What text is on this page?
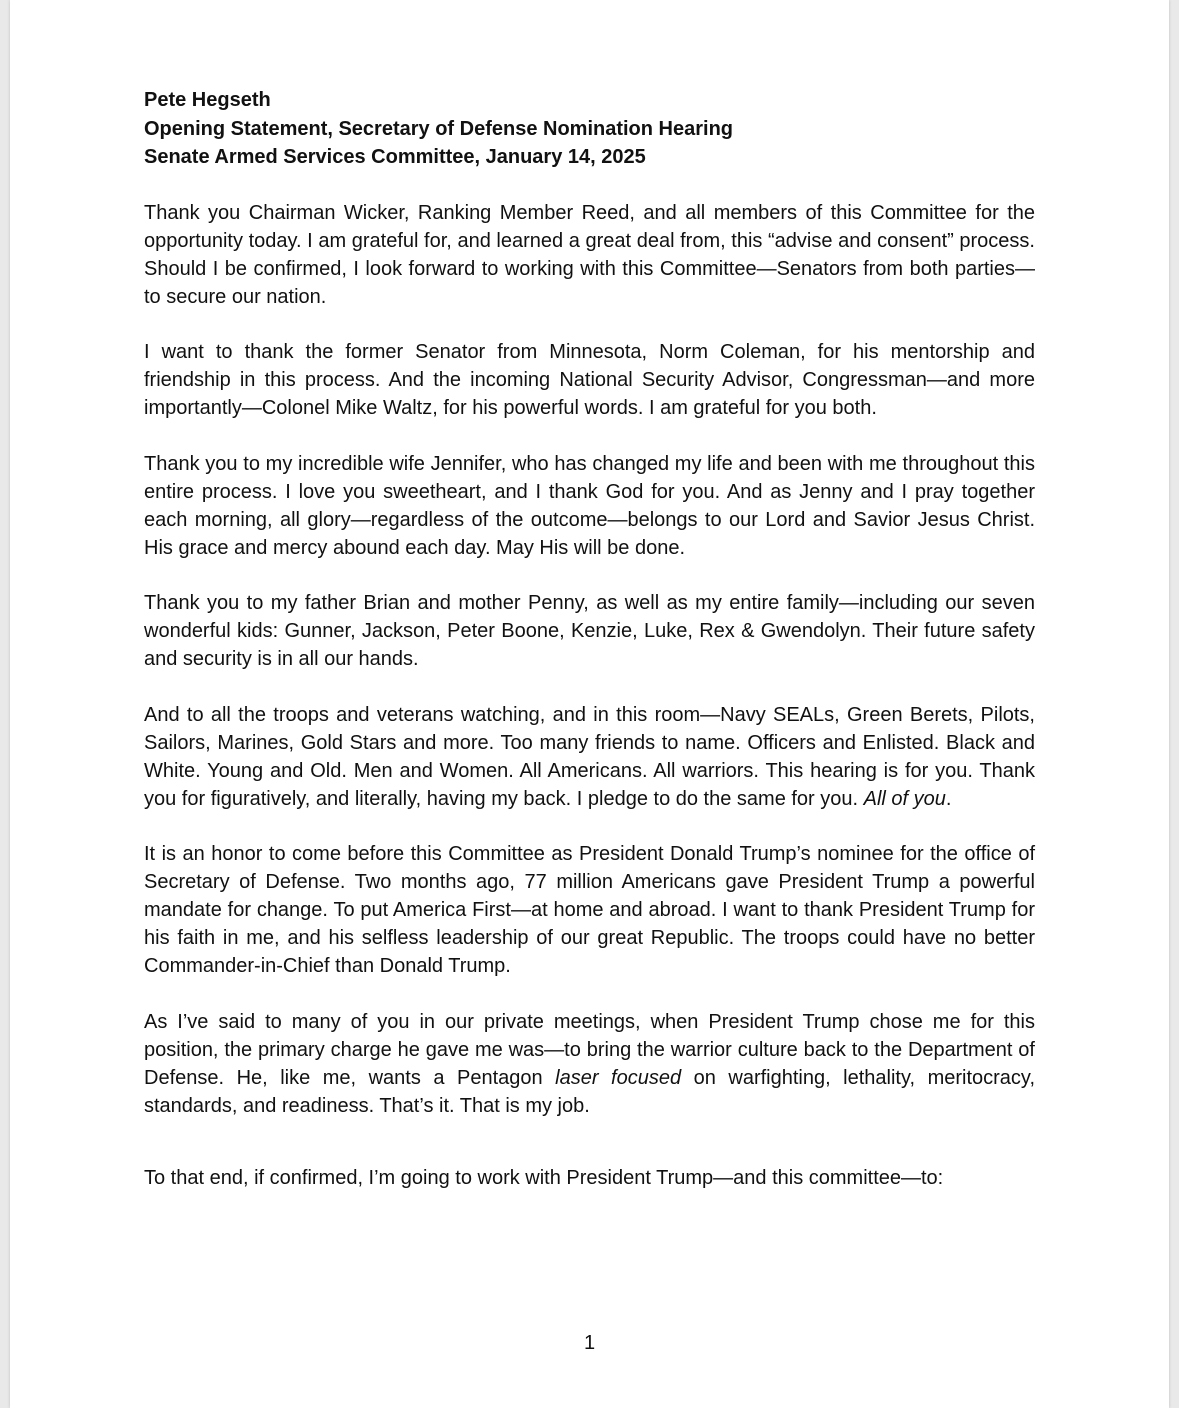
Pete Hegseth

Opening Statement, Secretary of Defense Nomination Hearing

Senate Armed Services Committee, January 14, 2025

Thank you Chairman Wicker, Ranking Member Reed, and all members of this Committee for the opportunity today. I am grateful for, and learned a great deal from, this “advise and consent” process. Should I be confirmed, I look forward to working with this Committee—Senators from both parties—to secure our nation.

I want to thank the former Senator from Minnesota, Norm Coleman, for his mentorship and friendship in this process. And the incoming National Security Advisor, Congressman—and more importantly—Colonel Mike Waltz, for his powerful words. I am grateful for you both.

Thank you to my incredible wife Jennifer, who has changed my life and been with me throughout this entire process. I love you sweetheart, and I thank God for you. And as Jenny and I pray together each morning, all glory—regardless of the outcome—belongs to our Lord and Savior Jesus Christ. His grace and mercy abound each day. May His will be done.

Thank you to my father Brian and mother Penny, as well as my entire family—including our seven wonderful kids: Gunner, Jackson, Peter Boone, Kenzie, Luke, Rex & Gwendolyn. Their future safety and security is in all our hands.

And to all the troops and veterans watching, and in this room—Navy SEALs, Green Berets, Pilots, Sailors, Marines, Gold Stars and more. Too many friends to name. Officers and Enlisted. Black and White. Young and Old. Men and Women. All Americans. All warriors. This hearing is for you. Thank you for figuratively, and literally, having my back. I pledge to do the same for you. All of you.

It is an honor to come before this Committee as President Donald Trump’s nominee for the office of Secretary of Defense. Two months ago, 77 million Americans gave President Trump a powerful mandate for change. To put America First—at home and abroad. I want to thank President Trump for his faith in me, and his selfless leadership of our great Republic. The troops could have no better Commander-in-Chief than Donald Trump.

As I’ve said to many of you in our private meetings, when President Trump chose me for this position, the primary charge he gave me was—to bring the warrior culture back to the Department of Defense. He, like me, wants a Pentagon laser focused on warfighting, lethality, meritocracy, standards, and readiness. That’s it. That is my job.

To that end, if confirmed, I’m going to work with President Trump—and this committee—to:

1
